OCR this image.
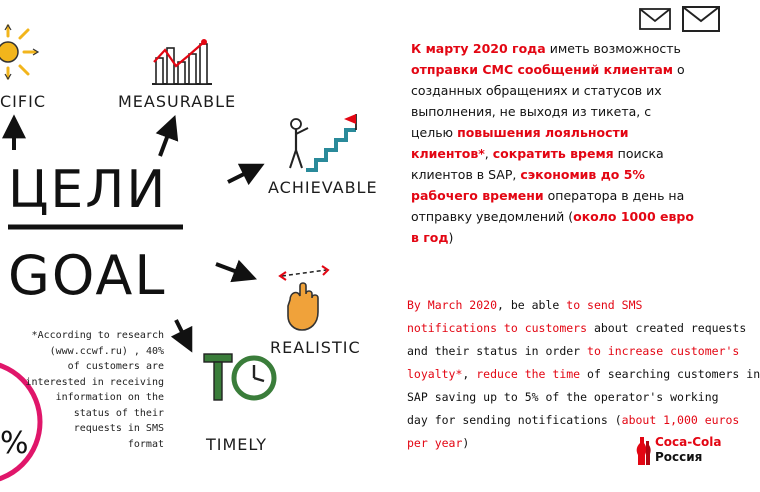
CIFIC	MEASURABLE
ACHIEVABLE
REALISTIC
TIMELY
ЦЕЛИ
GOAL
%
*According to research
(www.ccwf.ru) , 40%
of customers are
interested in receiving
information on the
status of their
requests in SMS
format
К марту 2020 года иметь возможность
отправки СМС сообщений клиентам о
созданных обращениях и статусов их
выполнения, не выходя из тикета, с
целью повышения лояльности
клиентов*, сократить время поиска
клиентов в SAP, сэкономив до 5%
рабочего времени оператора в день на
отправку уведомлений (около 1000 евро
в год)
By March 2020, be able to send SMS
notifications to customers about created requests
and their status in order to increase customer's
loyalty*, reduce the time of searching customers in
SAP saving up to 5% of the operator's working
day for sending notifications (about 1,000 euros
per year)	Coca-Cola
Россия
